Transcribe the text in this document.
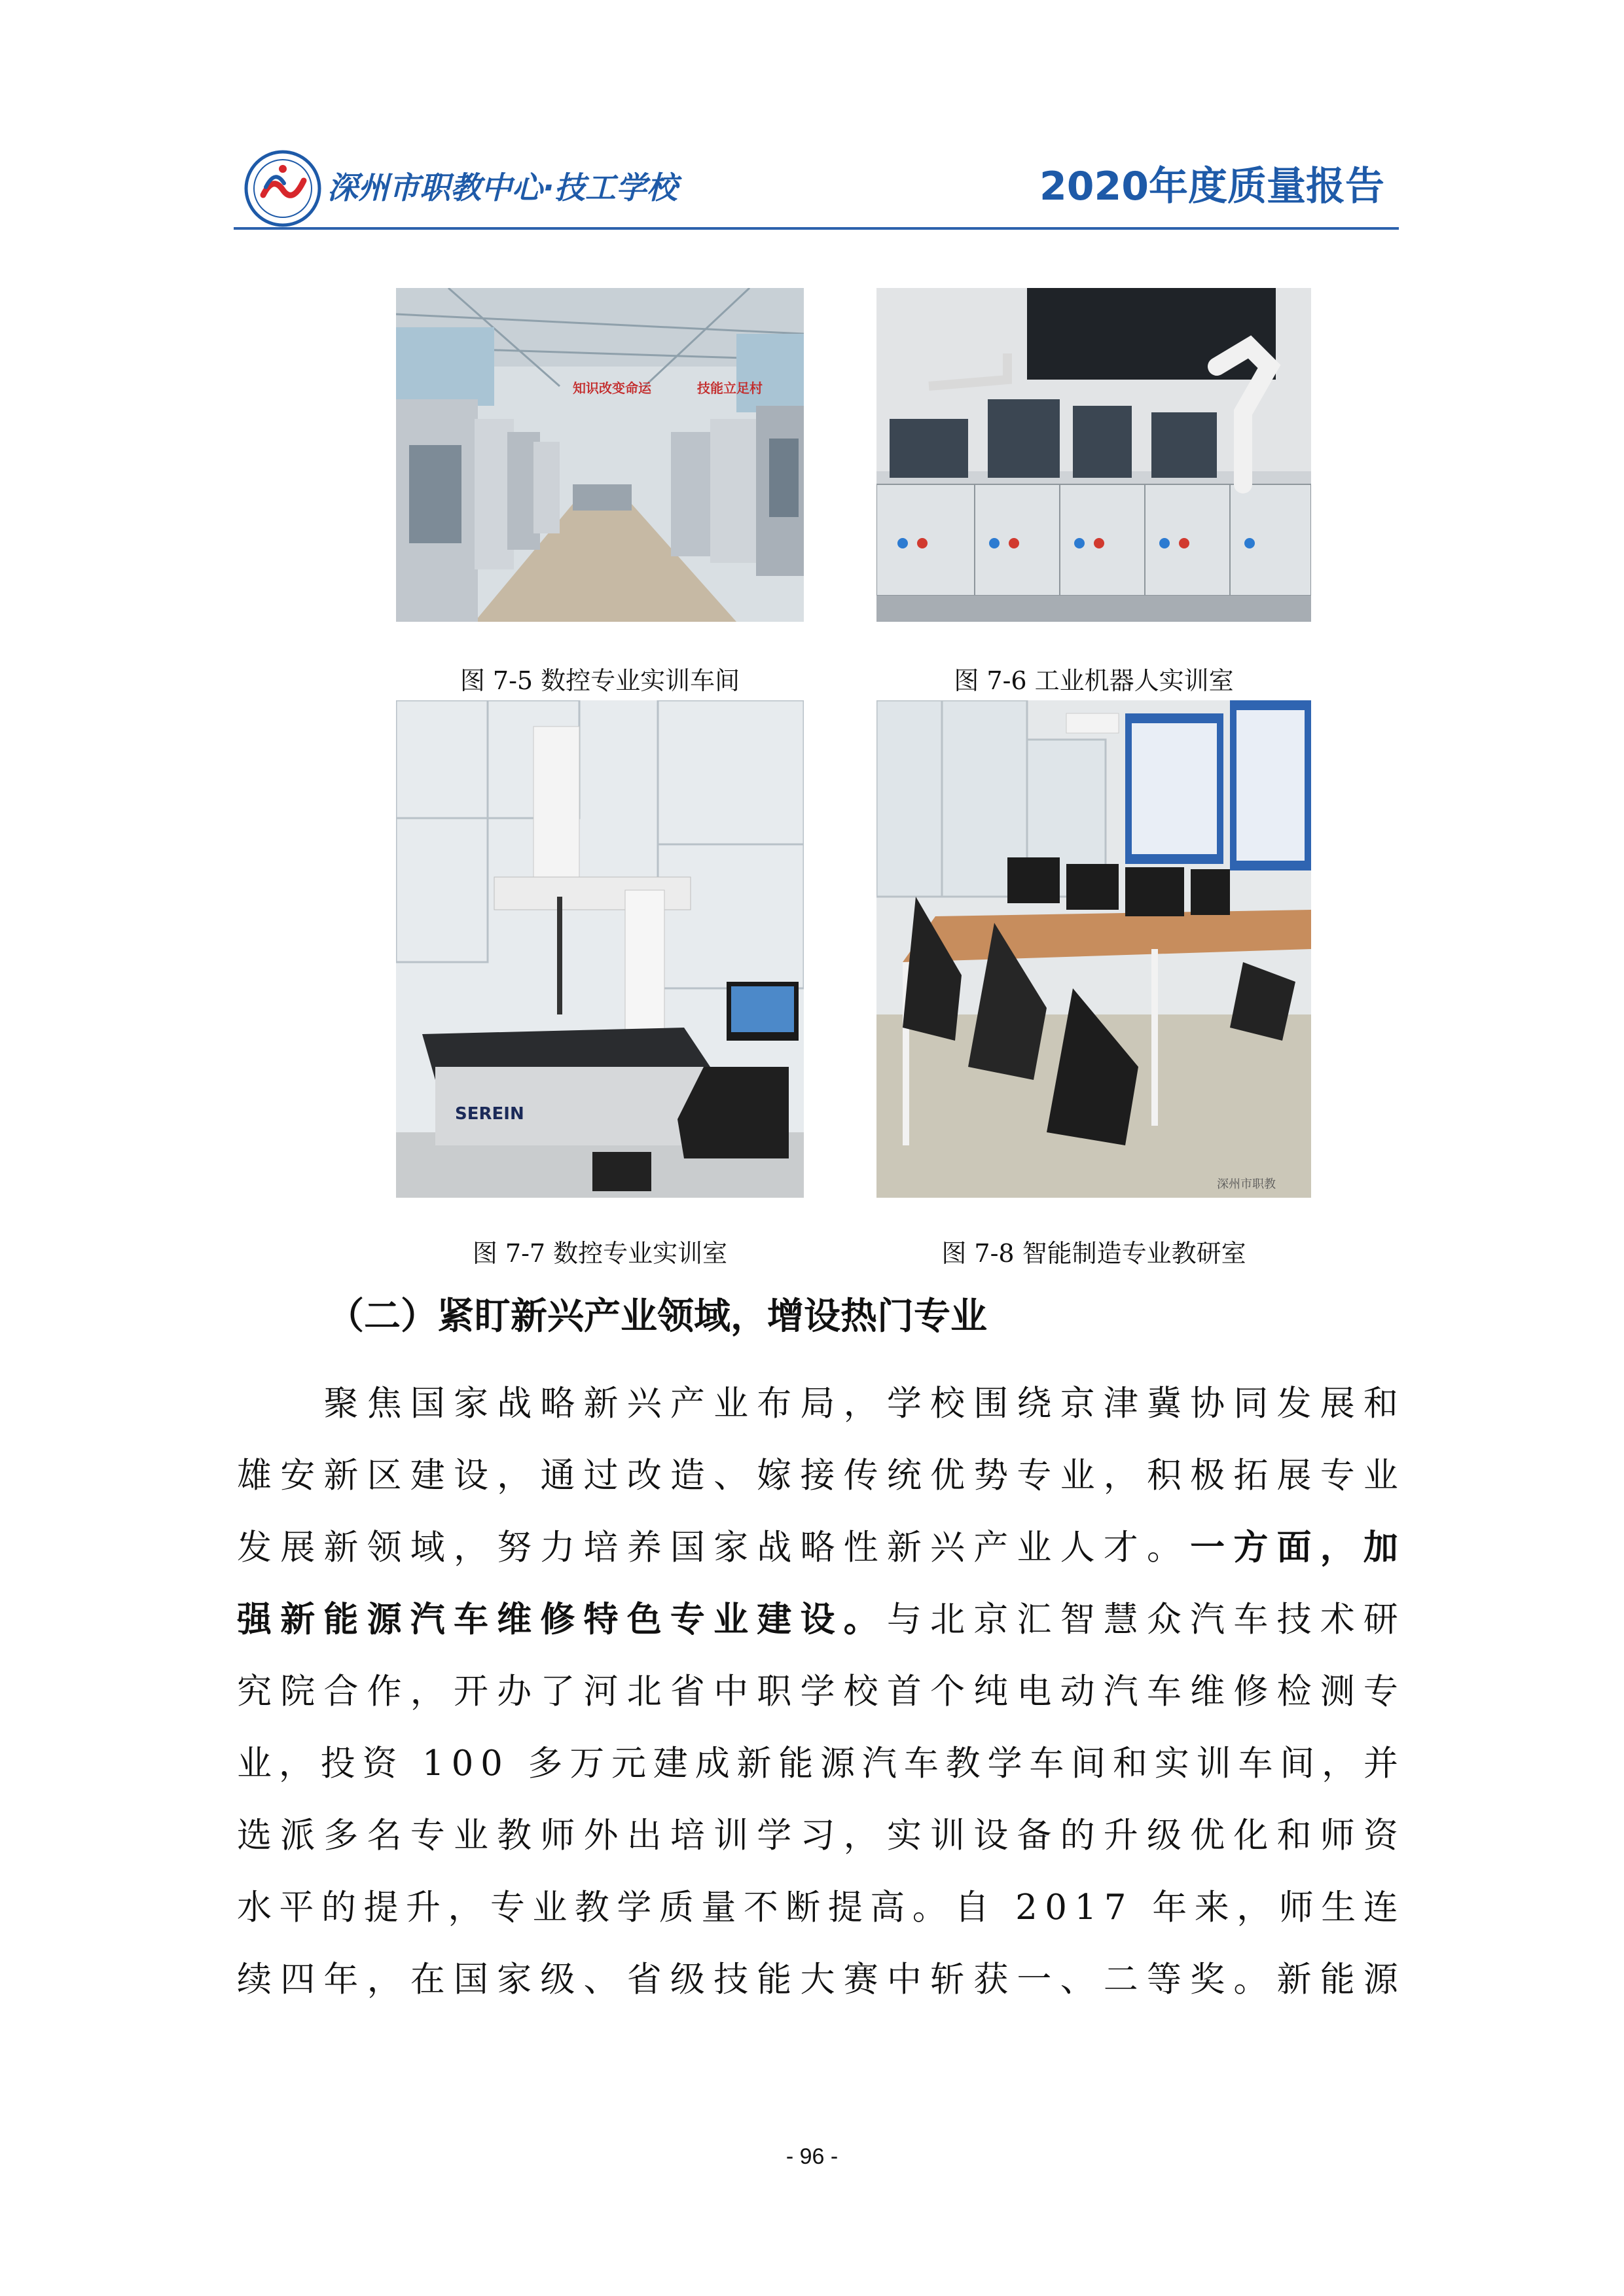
深州市职教中心·技工学校	2020年度质量报告
知识改变命运	技能立足村
图 7-5 数控专业实训车间	图 7-6 工业机器人实训室
SEREIN
图 7-7 数控专业实训室
深州市职教
图 7-8 智能制造专业教研室
（二）紧盯新兴产业领域，增设热门专业

聚 焦 国 家 战 略 新 兴 产 业 布 局 ， 学 校 围 绕 京 津 冀 协 同 发 展 和
雄 安 新 区 建 设 ， 通 过 改 造 、 嫁 接 传 统 优 势 专 业 ， 积 极 拓 展 专 业
发 展 新 领 域 ， 努 力 培 养 国 家 战 略 性 新 兴 产 业 人 才 。 一 方 面 ， 加
强 新 能 源 汽 车 维 修 特 色 专 业 建 设 。 与 北 京 汇 智 慧 众 汽 车 技 术 研
究 院 合 作 ， 开 办 了 河 北 省 中 职 学 校 首 个 纯 电 动 汽 车 维 修 检 测 专
业 ， 投 资
1 0 0
多 万 元 建 成 新 能 源 汽 车 教 学 车 间 和 实 训 车 间 ， 并
选 派 多 名 专 业 教 师 外 出 培 训 学 习 ， 实 训 设 备 的 升 级 优 化 和 师 资
水 平 的 提 升 ， 专 业 教 学 质 量 不 断 提 高 。 自
2 0 1 7
年 来 ， 师 生 连
续 四 年 ， 在 国 家 级 、 省 级 技 能 大 赛 中 斩 获 一 、 二 等 奖 。 新 能 源
- 96 -
